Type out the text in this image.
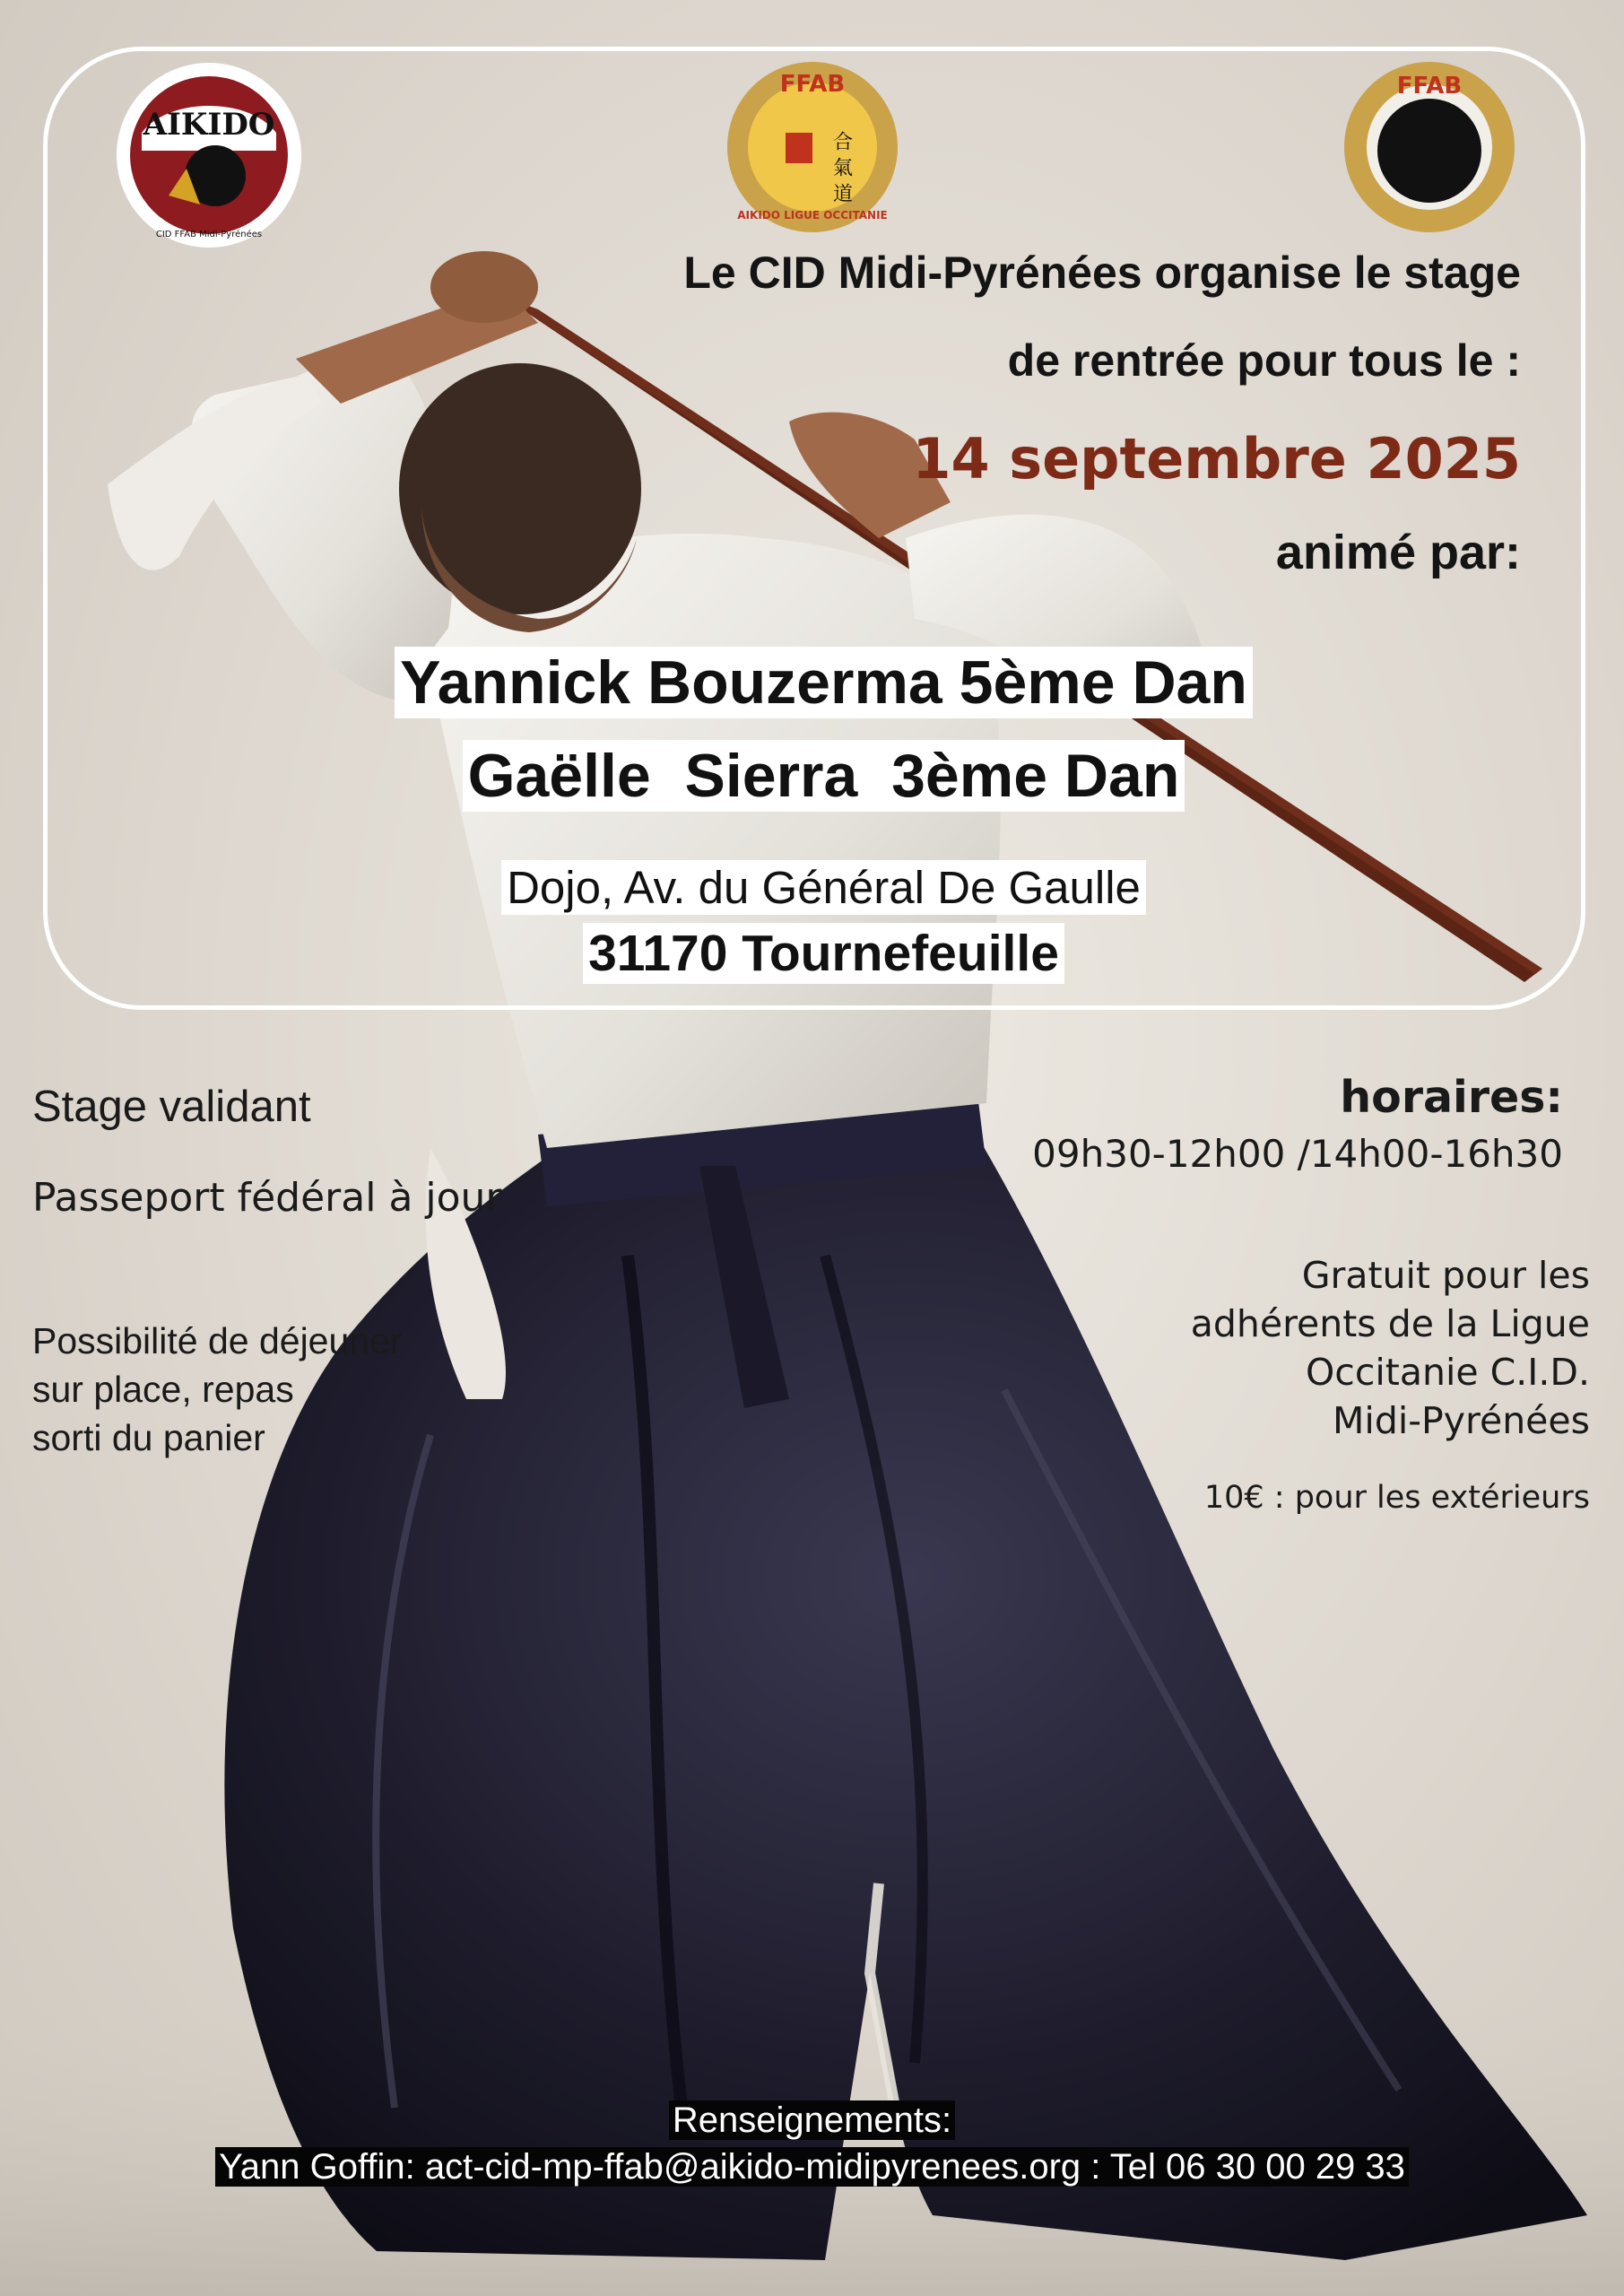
AIKIDO
CID FFAB Midi-Pyrénées
FFAB
合 氣 道
AIKIDO LIGUE OCCITANIE
FFAB
Le CID Midi-Pyrénées organise le stage
de rentrée pour tous le :
14 septembre 2025
animé par:
Yannick Bouzerma 5ème Dan
Gaëlle  Sierra  3ème Dan
Dojo, Av. du Général De Gaulle
31170 Tournefeuille
Stage validant
Passeport fédéral à jour
Possibilité de déjeuner
sur place, repas
sorti du panier
horaires:
09h30-12h00 /14h00-16h30
Gratuit pour les
adhérents de la Ligue
Occitanie C.I.D.
Midi-Pyrénées
10€ : pour les extérieurs
Renseignements:
Yann Goffin: act-cid-mp-ffab@aikido-midipyrenees.org : Tel 06 30 00 29 33
